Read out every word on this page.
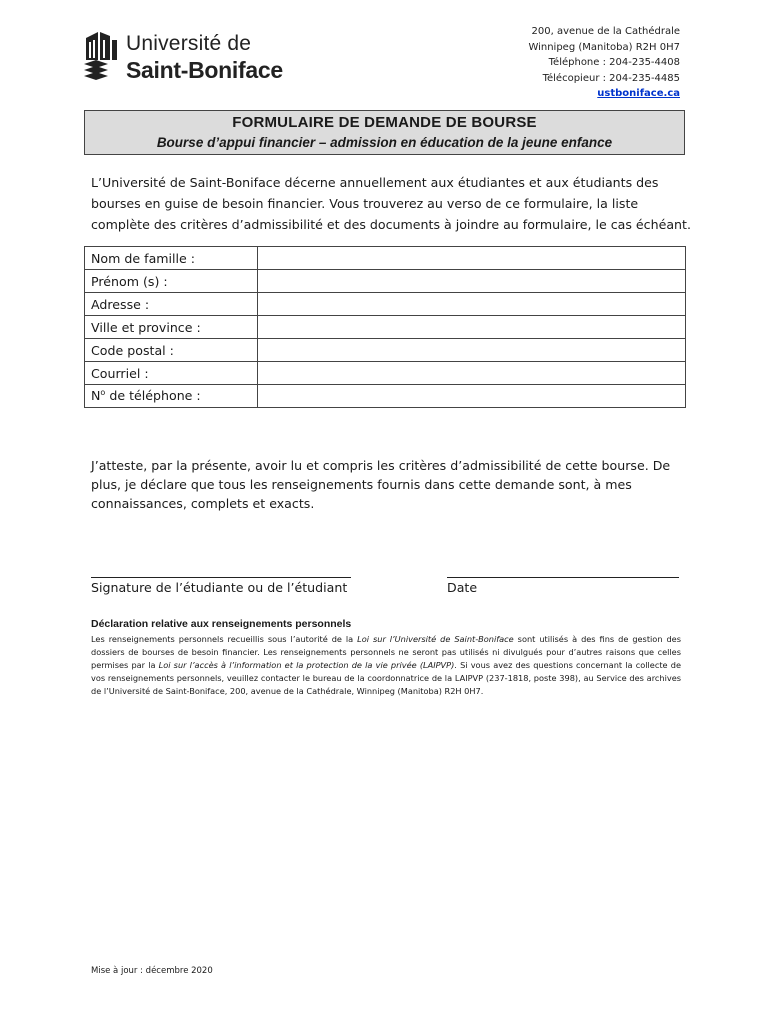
Université de
Saint-Boniface
200, avenue de la Cathédrale
Winnipeg (Manitoba) R2H 0H7
Téléphone : 204-235-4408
Télécopieur : 204-235-4485
ustboniface.ca
FORMULAIRE DE DEMANDE DE BOURSE
Bourse d’appui financier – admission en éducation de la jeune enfance
L’Université de Saint-Boniface décerne annuellement aux étudiantes et aux étudiants des bourses en guise de besoin financier. Vous trouverez au verso de ce formulaire, la liste complète des critères d’admissibilité et des documents à joindre au formulaire, le cas échéant.
Nom de famille :	
Prénom (s) :	
Adresse :	
Ville et province :	
Code postal :	
Courriel :	
$N^o$ de téléphone :	
J’atteste, par la présente, avoir lu et compris les critères d’admissibilité de cette bourse. De plus, je déclare que tous les renseignements fournis dans cette demande sont, à mes connaissances, complets et exacts.
Signature de l’étudiante ou de l’étudiant	Date
Déclaration relative aux renseignements personnels
Les renseignements personnels recueillis sous l’autorité de la Loi sur l’Université de Saint-Boniface sont utilisés à des fins de gestion des dossiers de bourses de besoin financier. Les renseignements personnels ne seront pas utilisés ni divulgués pour d’autres raisons que celles permises par la Loi sur l’accès à l’information et la protection de la vie privée (LAIPVP). Si vous avez des questions concernant la collecte de vos renseignements personnels, veuillez contacter le bureau de la coordonnatrice de la LAIPVP (237-1818, poste 398), au Service des archives de l’Université de Saint-Boniface, 200, avenue de la Cathédrale, Winnipeg (Manitoba) R2H 0H7.
Mise à jour : décembre 2020
